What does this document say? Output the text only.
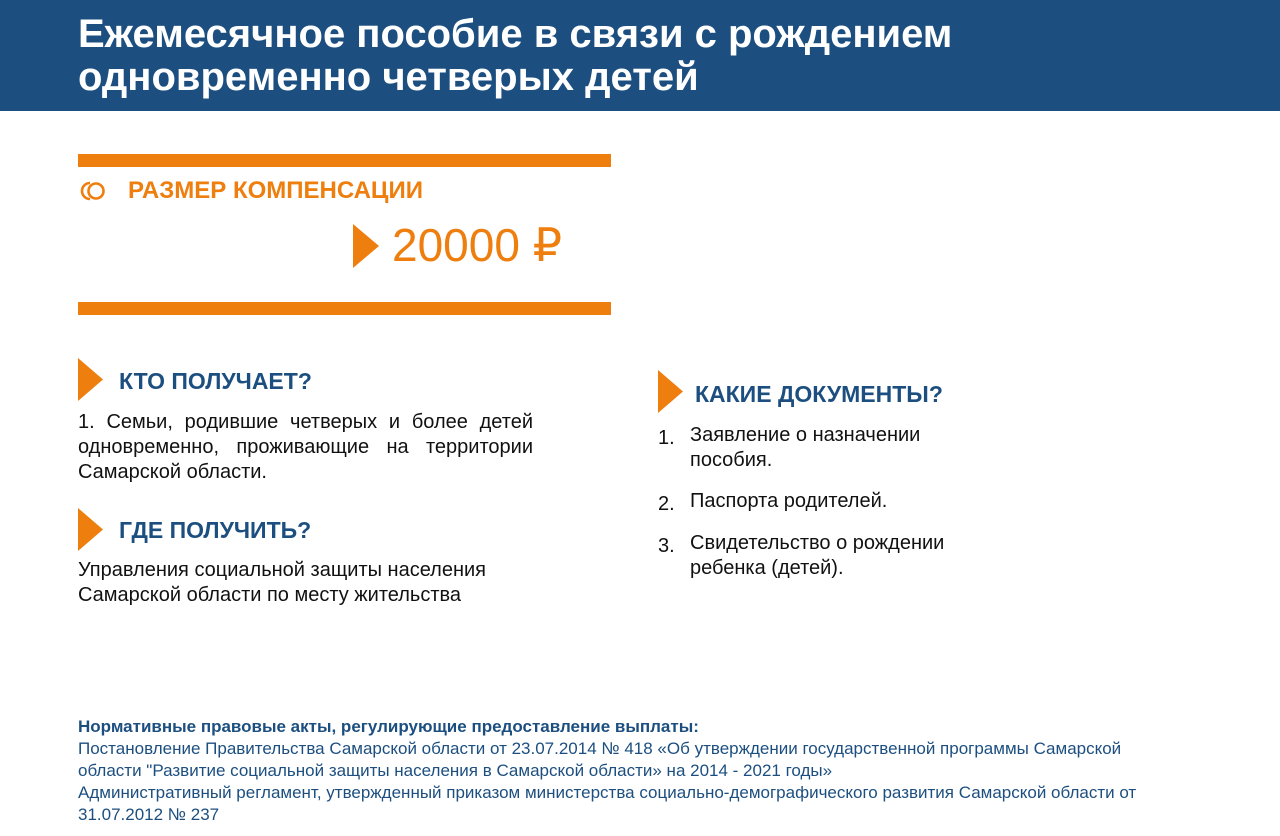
Ежемесячное пособие в связи с рождением
одновременно четверых детей
РАЗМЕР КОМПЕНСАЦИИ
20000 ₽
КТО ПОЛУЧАЕТ?
1. Семьи, родившие четверых и более детей одновременно, проживающие на территории Самарской области.
ГДЕ ПОЛУЧИТЬ?
Управления социальной защиты населения
Самарской области по месту жительства
КАКИЕ ДОКУМЕНТЫ?
1. Заявление о назначении
пособия.
2. Паспорта родителей.
3. Свидетельство о рождении
ребенка (детей).
Нормативные правовые акты, регулирующие предоставление выплаты:
Постановление Правительства Самарской области от 23.07.2014 № 418 «Об утверждении государственной программы Самарской
области "Развитие социальной защиты населения в Самарской области» на 2014 - 2021 годы»
Административный регламент, утвержденный приказом министерства социально-демографического развития Самарской области от
31.07.2012 № 237
